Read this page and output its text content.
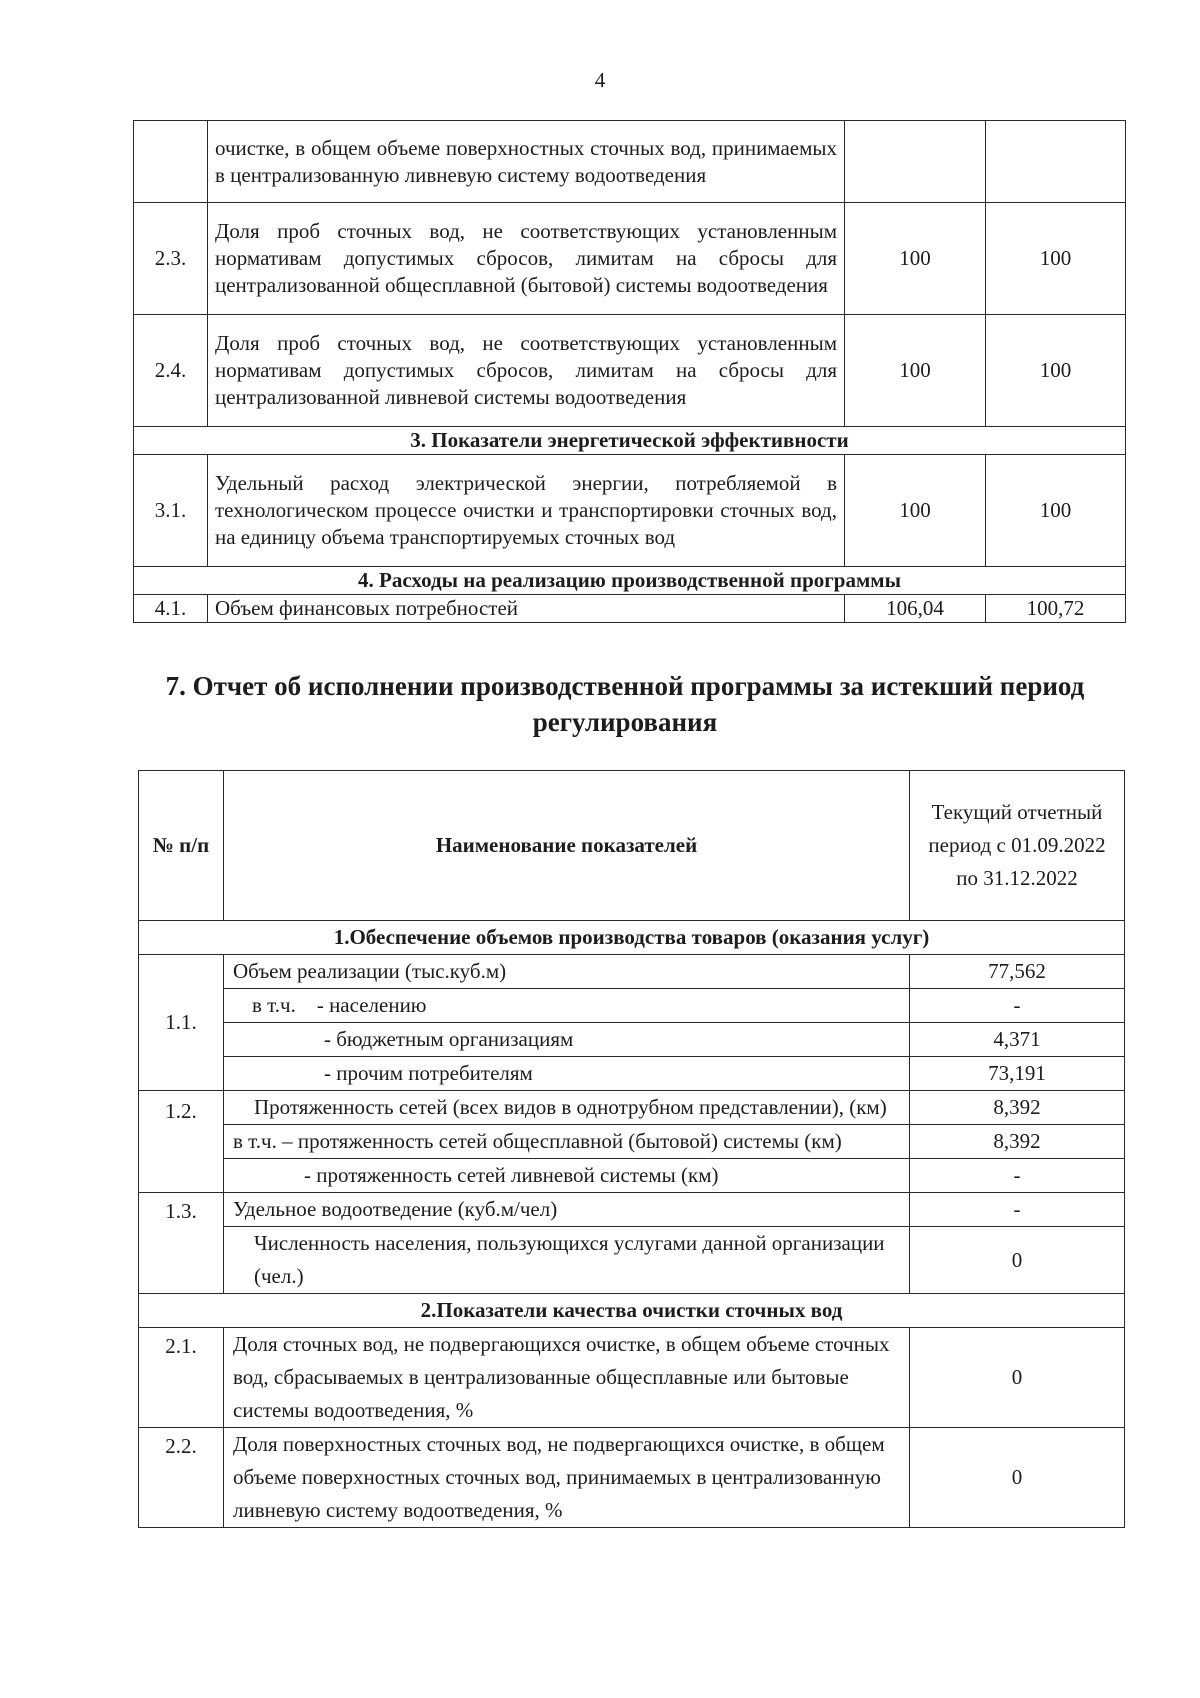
4
	очистке, в общем объеме поверхностных сточных вод, принимаемых в централизованную ливневую систему водоотведения		
2.3.	Доля проб сточных вод, не соответствующих установленным нормативам допустимых сбросов, лимитам на сбросы для централизованной общесплавной (бытовой) системы водоотведения	100	100
2.4.	Доля проб сточных вод, не соответствующих установленным нормативам допустимых сбросов, лимитам на сбросы для централизованной ливневой системы водоотведения	100	100
3. Показатели энергетической эффективности			
3.1.	Удельный расход электрической энергии, потребляемой в технологическом процессе очистки и транспортировки сточных вод, на единицу объема транспортируемых сточных вод	100	100
4. Расходы на реализацию производственной программы			
4.1.	Объем финансовых потребностей	106,04	100,72
7. Отчет об исполнении производственной программы за истекший период регулирования
№ п/п	Наименование показателей	Текущий отчетный период с 01.09.2022 по 31.12.2022
1.Обеспечение объемов производства товаров (оказания услуг)		
1.1.	Объем реализации (тыс.куб.м)	77,562
	в т.ч.    - населению	-
	- бюджетным организациям	4,371
	- прочим потребителям	73,191
1.2.	Протяженность сетей (всех видов в однотрубном представлении), (км)	8,392
	в т.ч. – протяженность сетей общесплавной (бытовой) системы (км)	8,392
	- протяженность сетей ливневой системы (км)	-
1.3.	Удельное водоотведение (куб.м/чел)	-
	Численность населения, пользующихся услугами данной организации (чел.)	0
2.Показатели качества очистки сточных вод		
2.1.	Доля сточных вод, не подвергающихся очистке, в общем объеме сточных вод, сбрасываемых в централизованные общесплавные или бытовые системы водоотведения, %	0
2.2.	Доля поверхностных сточных вод, не подвергающихся очистке, в общем объеме поверхностных сточных вод, принимаемых в централизованную ливневую систему водоотведения, %	0
